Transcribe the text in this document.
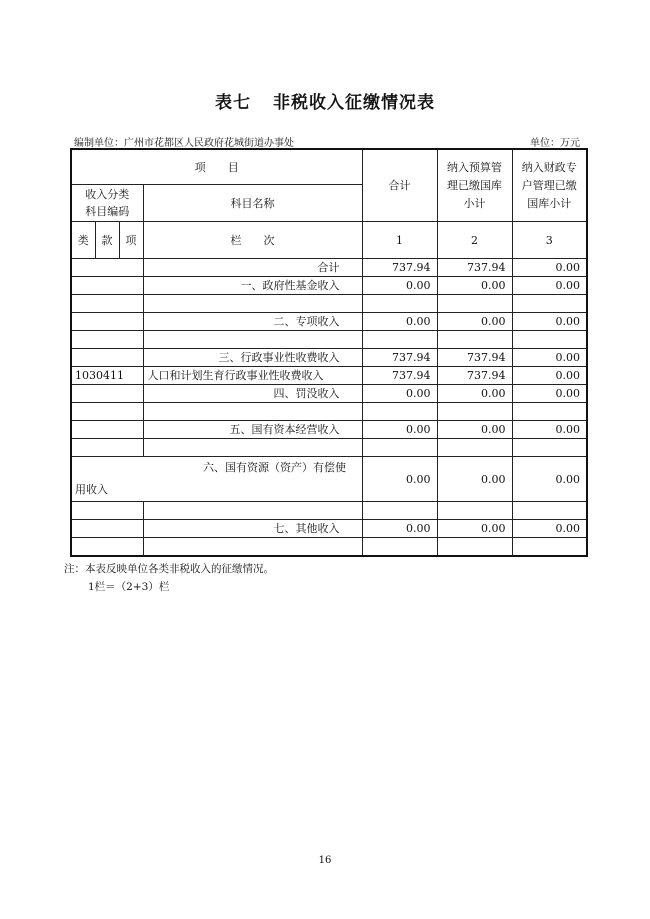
表七 非税收入征缴情况表
编制单位：广州市花都区人民政府花城街道办事处	单位：万元
项　　目				合计	纳入预算管理已缴国库小计	纳入财政专户管理已缴国库小计
收入分类科目编码			科目名称			
类	款	项	栏　　次	1	2	3
			合计	737.94	737.94	0.00
			一、政府性基金收入	0.00	0.00	0.00

			二、专项收入	0.00	0.00	0.00

			三、行政事业性收费收入	737.94	737.94	0.00
1030411			人口和计划生育行政事业性收费收入	737.94	737.94	0.00
			四、罚没收入	0.00	0.00	0.00

			五、国有资本经营收入	0.00	0.00	0.00

六、国有资源（资产）有偿使用收入				0.00	0.00	0.00

			七、其他收入	0.00	0.00	0.00

注：本表反映单位各类非税收入的征缴情况。
1栏＝（2+3）栏
16
